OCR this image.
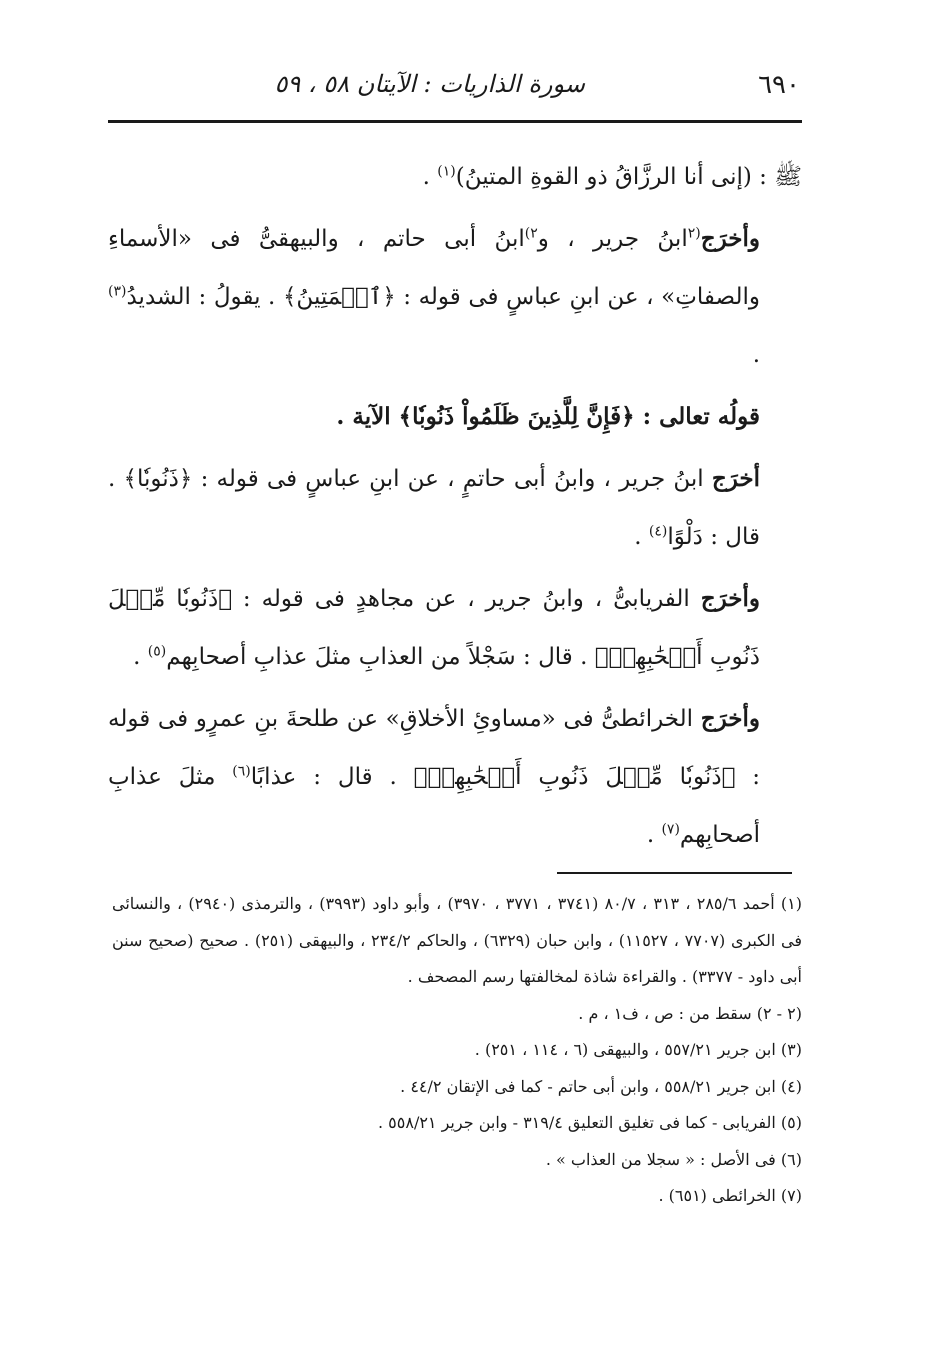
٦٩٠
سورة الذاريات : الآيتان ٥٨ ، ٥٩

ﷺ : (إنى أنا الرزَّاقُ ذو القوةِ المتينُ)$^{(١)}$ .

وأخرَج$^{(٢}$ابنُ جرير ، و$^{٢)}$ابنُ أبى حاتم ، والبيهقىُّ فى «الأسماءِ والصفاتِ» ، عن ابنِ عباسٍ فى قوله : ﴿ٱلۡمَتِينُ﴾ . يقولُ : الشديدُ$^{(٣)}$ .

قولُه تعالى : ﴿فَإِنَّ لِلَّذِينَ ظَلَمُواْ ذَنُوبٗا﴾ الآية .

أخرَج ابنُ جرير ، وابنُ أبى حاتمٍ ، عن ابنِ عباسٍ فى قوله : ﴿ذَنُوبٗا﴾ . قال : دَلْوًا$^{(٤)}$ .

وأخرَج الفريابىُّ ، وابنُ جرير ، عن مجاهدٍ فى قوله : ﴿ذَنُوبٗا مِّثۡلَ ذَنُوبِ أَصۡحَٰبِهِمۡ﴾ . قال : سَجْلاً من العذابِ مثلَ عذابِ أصحابِهم$^{(٥)}$ .

وأخرَج الخرائطىُّ فى «مساوئِ الأخلاقِ» عن طلحةَ بنِ عمرٍو فى قوله : ﴿ذَنُوبٗا مِّثۡلَ ذَنُوبِ أَصۡحَٰبِهِمۡ﴾ . قال : عذابًا$^{(٦)}$ مثلَ عذابِ أصحابِهم$^{(٧)}$ .

(١) أحمد ٢٨٥/٦ ، ٣١٣ ، ٨٠/٧ (٣٧٤١ ، ٣٧٧١ ، ٣٩٧٠) ، وأبو داود (٣٩٩٣) ، والترمذى (٢٩٤٠) ، والنسائى فى الكبرى (٧٧٠٧ ، ١١٥٢٧) ، وابن حبان (٦٣٢٩) ، والحاكم ٢٣٤/٢ ، والبيهقى (٢٥١) . صحيح (صحيح سنن أبى داود - ٣٣٧٧) . والقراءة شاذة لمخالفتها رسم المصحف .

(٢ - ٢) سقط من : ص ، ف١ ، م .

(٣) ابن جرير ٥٥٧/٢١ ، والبيهقى (٦ ، ١١٤ ، ٢٥١) .

(٤) ابن جرير ٥٥٨/٢١ ، وابن أبى حاتم - كما فى الإتقان ٤٤/٢ .

(٥) الفريابى - كما فى تغليق التعليق ٣١٩/٤ - وابن جرير ٥٥٨/٢١ .

(٦) فى الأصل : « سجلا من العذاب » .

(٧) الخرائطى (٦٥١) .
